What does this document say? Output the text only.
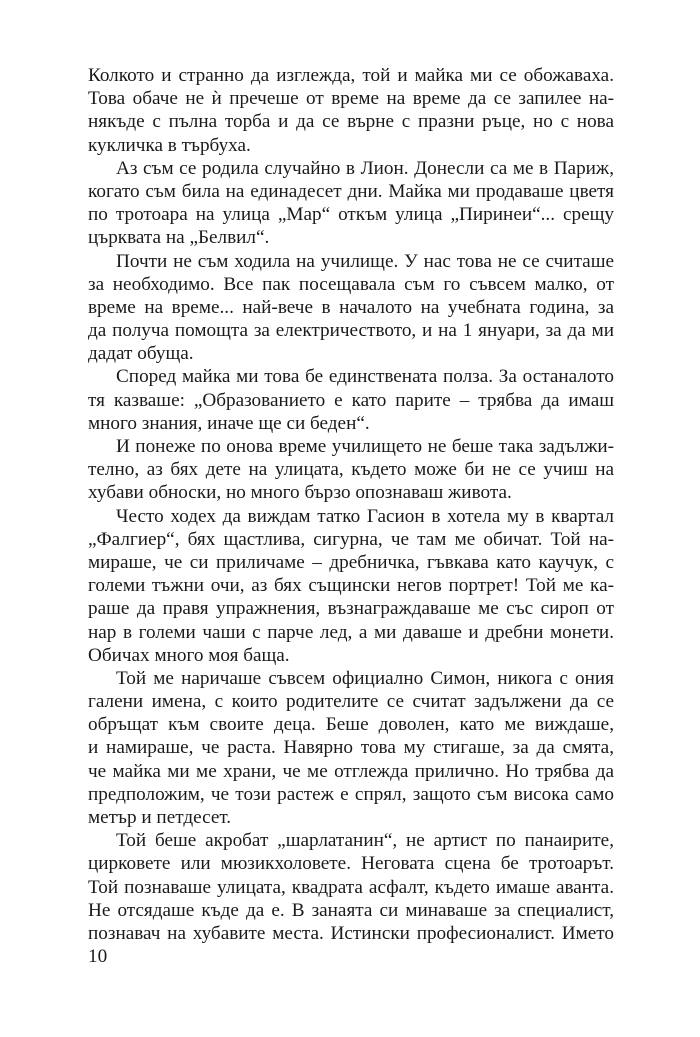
Колкото и странно да изглежда, той и майка ми се обожаваха.
Това обаче не ѝ пречеше от време на време да се запилее на-
някъде с пълна торба и да се върне с празни ръце, но с нова
кукличка в търбуха.
Аз съм се родила случайно в Лион. Донесли са ме в Париж,
когато съм била на единадесет дни. Майка ми продаваше цветя
по тротоара на улица „Мар“ откъм улица „Пиринеи“... срещу
църквата на „Белвил“.
Почти не съм ходила на училище. У нас това не се считаше
за необходимо. Все пак посещавала съм го съвсем малко, от
време на време... най-вече в началото на учебната година, за
да получа помощта за електричеството, и на 1 януари, за да ми
дадат обуща.
Според майка ми това бе единствената полза. За останалото
тя казваше: „Образованието е като парите – трябва да имаш
много знания, иначе ще си беден“.
И понеже по онова време училището не беше така задължи-
телно, аз бях дете на улицата, където може би не се учиш на
хубави обноски, но много бързо опознаваш живота.
Често ходех да виждам татко Гасион в хотела му в квартал
„Фалгиер“, бях щастлива, сигурна, че там ме обичат. Той на-
мираше, че си приличаме – дребничка, гъвкава като каучук, с
големи тъжни очи, аз бях същински негов портрет! Той ме ка-
раше да правя упражнения, възнаграждаваше ме със сироп от
нар в големи чаши с парче лед, а ми даваше и дребни монети.
Обичах много моя баща.
Той ме наричаше съвсем официално Симон, никога с ония
галени имена, с които родителите се считат задължени да се
обръщат към своите деца. Беше доволен, като ме виждаше,
и намираше, че раста. Навярно това му стигаше, за да смята,
че майка ми ме храни, че ме отглежда прилично. Но трябва да
предположим, че този растеж е спрял, защото съм висока само
метър и петдесет.
Той беше акробат „шарлатанин“, не артист по панаирите,
цирковете или мюзикхоловете. Неговата сцена бе тротоарът.
Той познаваше улицата, квадрата асфалт, където имаше аванта.
Не отсядаше къде да е. В занаята си минаваше за специалист,
познавач на хубавите места. Истински професионалист. Името
10
